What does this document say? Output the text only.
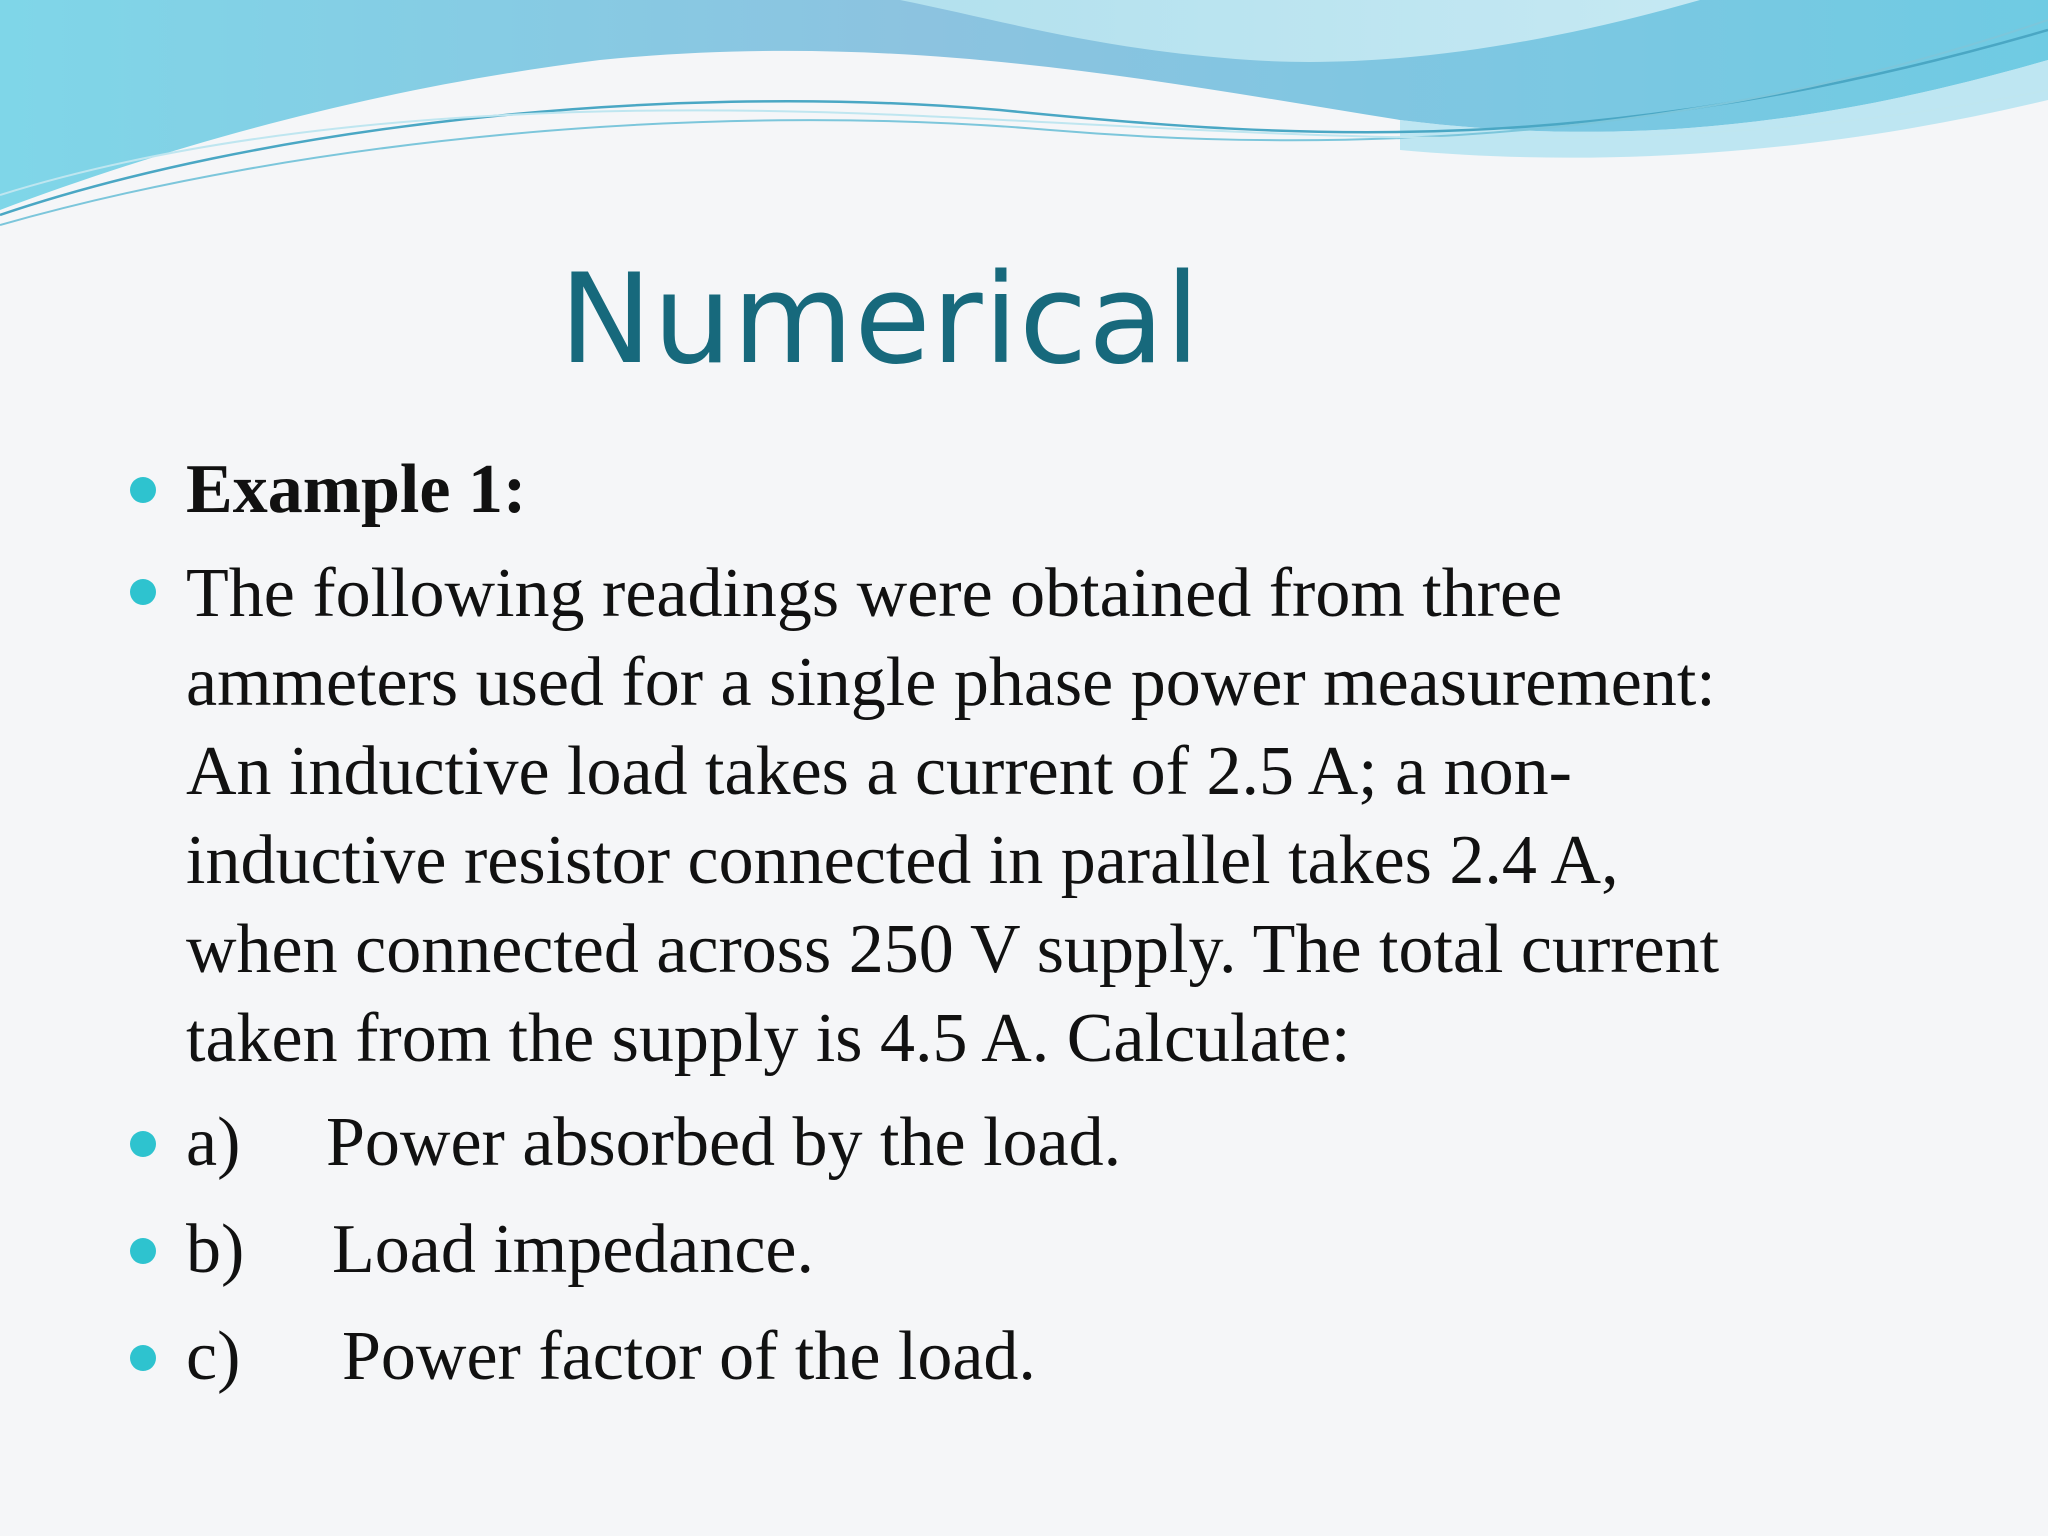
Numerical
Example 1:
The following readings were obtained from three
ammeters used for a single phase power measurement:
An inductive load takes a current of 2.5 A; a non-
inductive resistor connected in parallel takes 2.4 A,
when connected across 250 V supply. The total current
taken from the supply is 4.5 A. Calculate:
a) Power absorbed by the load.
b) Load impedance.
c) Power factor of the load.
